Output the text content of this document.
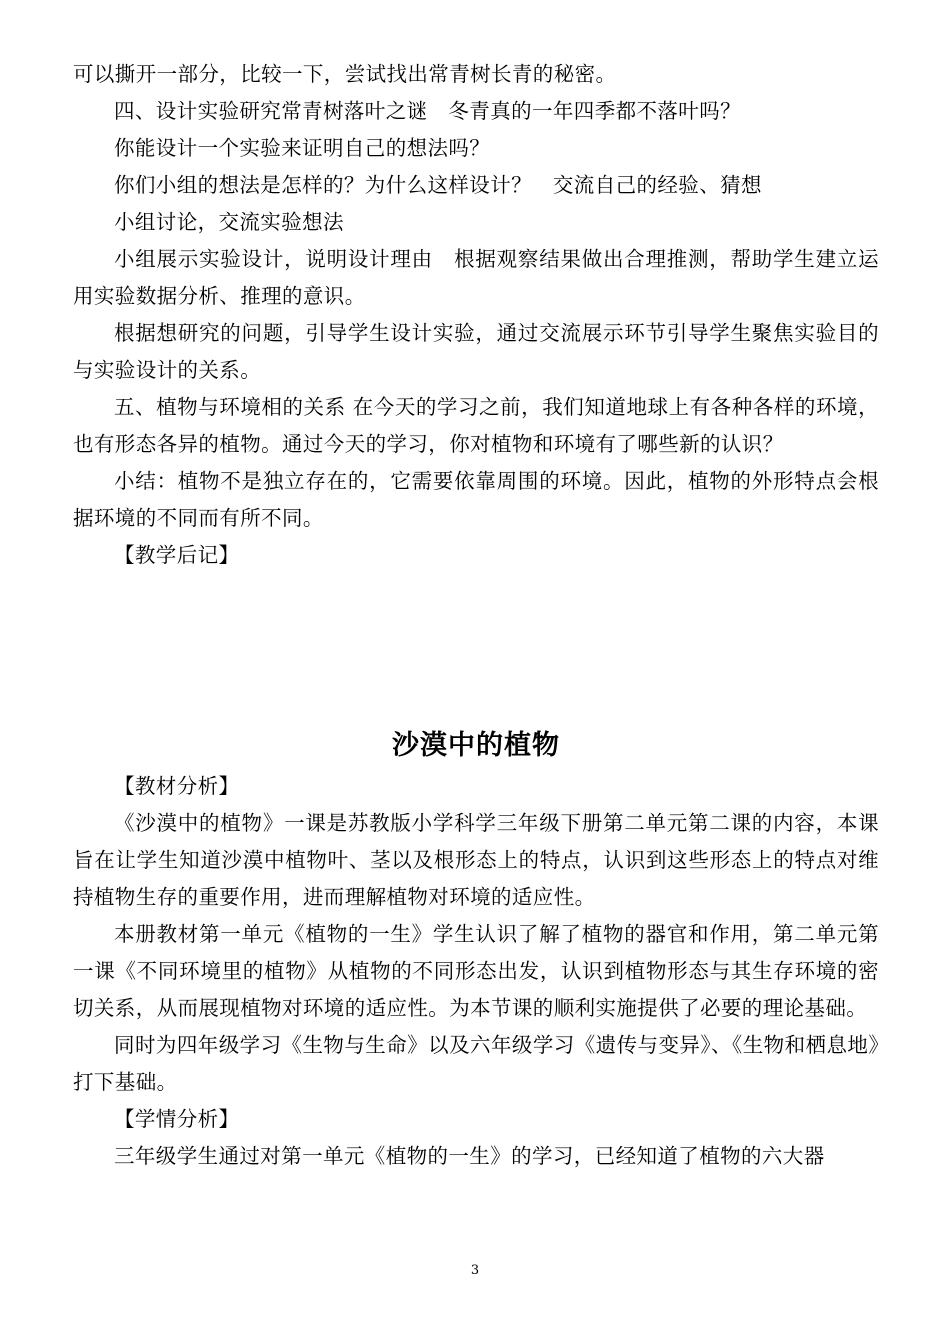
可以撕开一部分，比较一下，尝试找出常青树长青的秘密。

四、设计实验研究常青树落叶之谜　冬青真的一年四季都不落叶吗？

你能设计一个实验来证明自己的想法吗？

你们小组的想法是怎样的？为什么这样设计？　交流自己的经验、猜想

小组讨论，交流实验想法

小组展示实验设计，说明设计理由　根据观察结果做出合理推测，帮助学生建立运用实验数据分析、推理的意识。

根据想研究的问题，引导学生设计实验，通过交流展示环节引导学生聚焦实验目的与实验设计的关系。

五、植物与环境相的关系 在今天的学习之前，我们知道地球上有各种各样的环境，也有形态各异的植物。通过今天的学习，你对植物和环境有了哪些新的认识？

小结：植物不是独立存在的，它需要依靠周围的环境。因此，植物的外形特点会根据环境的不同而有所不同。

【教学后记】

沙漠中的植物

【教材分析】

《沙漠中的植物》一课是苏教版小学科学三年级下册第二单元第二课的内容，本课旨在让学生知道沙漠中植物叶、茎以及根形态上的特点，认识到这些形态上的特点对维持植物生存的重要作用，进而理解植物对环境的适应性。

本册教材第一单元《植物的一生》学生认识了解了植物的器官和作用，第二单元第一课《不同环境里的植物》从植物的不同形态出发，认识到植物形态与其生存环境的密切关系，从而展现植物对环境的适应性。为本节课的顺利实施提供了必要的理论基础。

同时为四年级学习《生物与生命》以及六年级学习《遗传与变异》、《生物和栖息地》打下基础。

【学情分析】

三年级学生通过对第一单元《植物的一生》的学习，已经知道了植物的六大器

3
